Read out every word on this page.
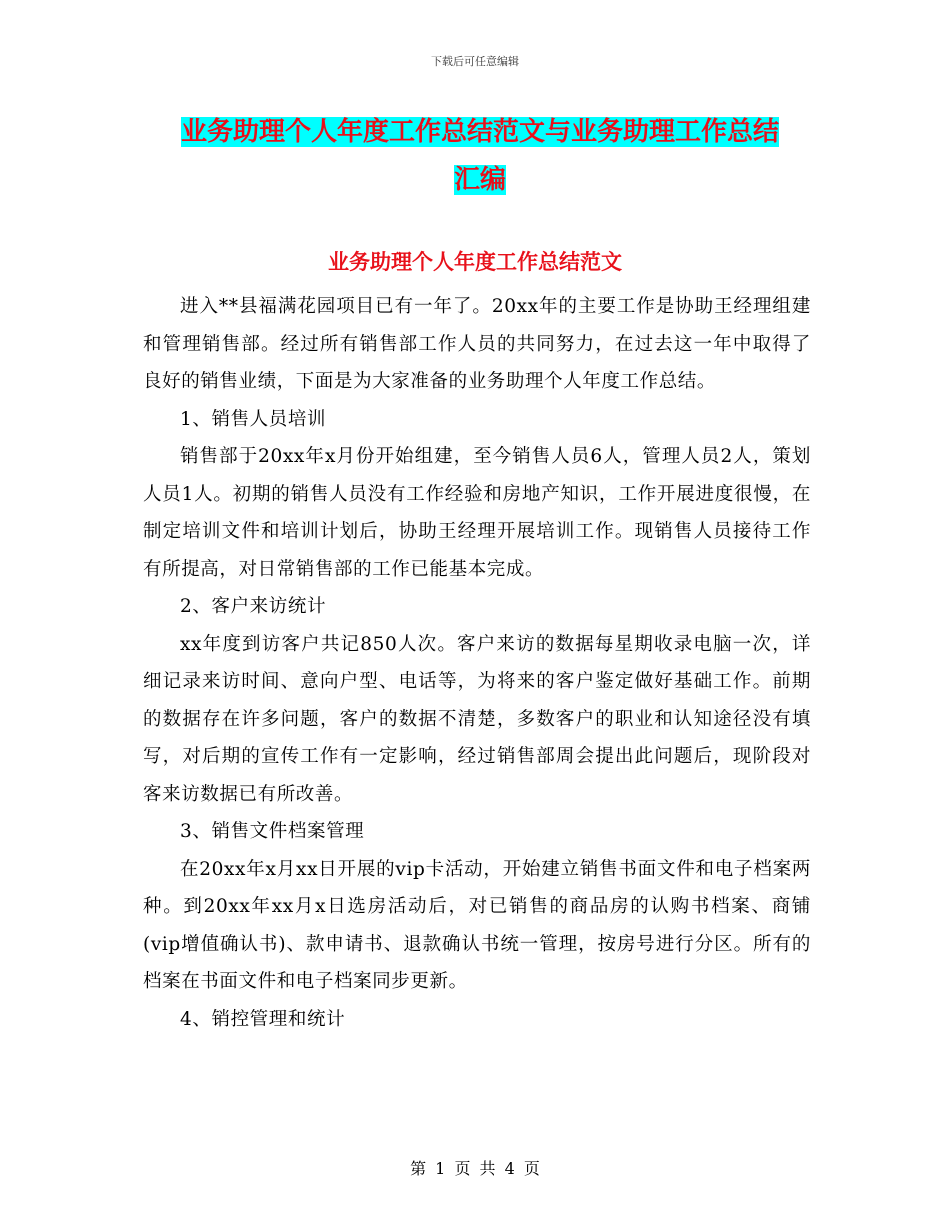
下载后可任意编辑
业务助理个人年度工作总结范文与业务助理工作总结
汇编
业务助理个人年度工作总结范文

进入**县福满花园项目已有一年了。20xx年的主要工作是协助王经理组建和管理销售部。经过所有销售部工作人员的共同努力，在过去这一年中取得了良好的销售业绩，下面是为大家准备的业务助理个人年度工作总结。

1、销售人员培训

销售部于20xx年x月份开始组建，至今销售人员6人，管理人员2人，策划人员1人。初期的销售人员没有工作经验和房地产知识，工作开展进度很慢，在制定培训文件和培训计划后，协助王经理开展培训工作。现销售人员接待工作有所提高，对日常销售部的工作已能基本完成。

2、客户来访统计

xx年度到访客户共记850人次。客户来访的数据每星期收录电脑一次，详细记录来访时间、意向户型、电话等，为将来的客户鉴定做好基础工作。前期的数据存在许多问题，客户的数据不清楚，多数客户的职业和认知途径没有填写，对后期的宣传工作有一定影响，经过销售部周会提出此问题后，现阶段对客来访数据已有所改善。

3、销售文件档案管理

在20xx年x月xx日开展的vip卡活动，开始建立销售书面文件和电子档案两种。到20xx年xx月x日选房活动后，对已销售的商品房的认购书档案、商铺(vip增值确认书)、款申请书、退款确认书统一管理，按房号进行分区。所有的档案在书面文件和电子档案同步更新。

4、销控管理和统计

第 1 页 共 4 页
